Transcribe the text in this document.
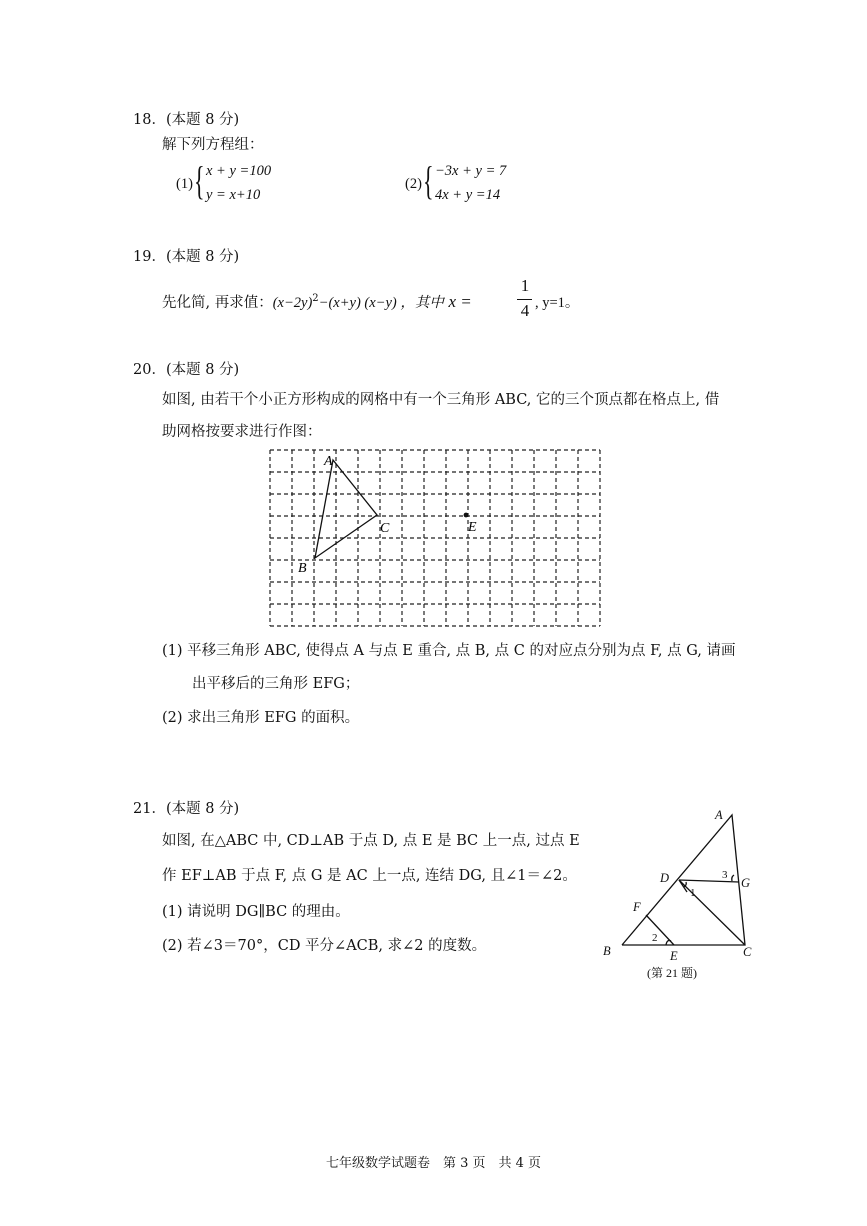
18．(本题 8 分)
解下列方程组：
(1) { x + y =100
y = x+10
(2) { −3x + y = 7
4x + y =14
19．(本题 8 分)
先化简, 再求值：$(x-2y)^2-(x+y)$ (x−y) ，其中 x =
1
4 , y=1。
20．(本题 8 分)
如图, 由若干个小正方形构成的网格中有一个三角形 ABC, 它的三个顶点都在格点上, 借
助网格按要求进行作图：
A
B
C	E
(1) 平移三角形 ABC, 使得点 A 与点 E 重合, 点 B, 点 C 的对应点分别为点 F, 点 G, 请画
出平移后的三角形 EFG；
(2) 求出三角形 EFG 的面积。
21．(本题 8 分)
如图, 在△ABC 中, CD⊥AB 于点 D, 点 E 是 BC 上一点, 过点 E
作 EF⊥AB 于点 F, 点 G 是 AC 上一点, 连结 DG, 且∠1＝∠2。
(1) 请说明 DG∥BC 的理由。
(2) 若∠3＝70°，CD 平分∠ACB, 求∠2 的度数。
A
B	C
D
E
F
G
1
2
3
(第 21 题)
七年级数学试题卷　第 3 页　共 4 页
